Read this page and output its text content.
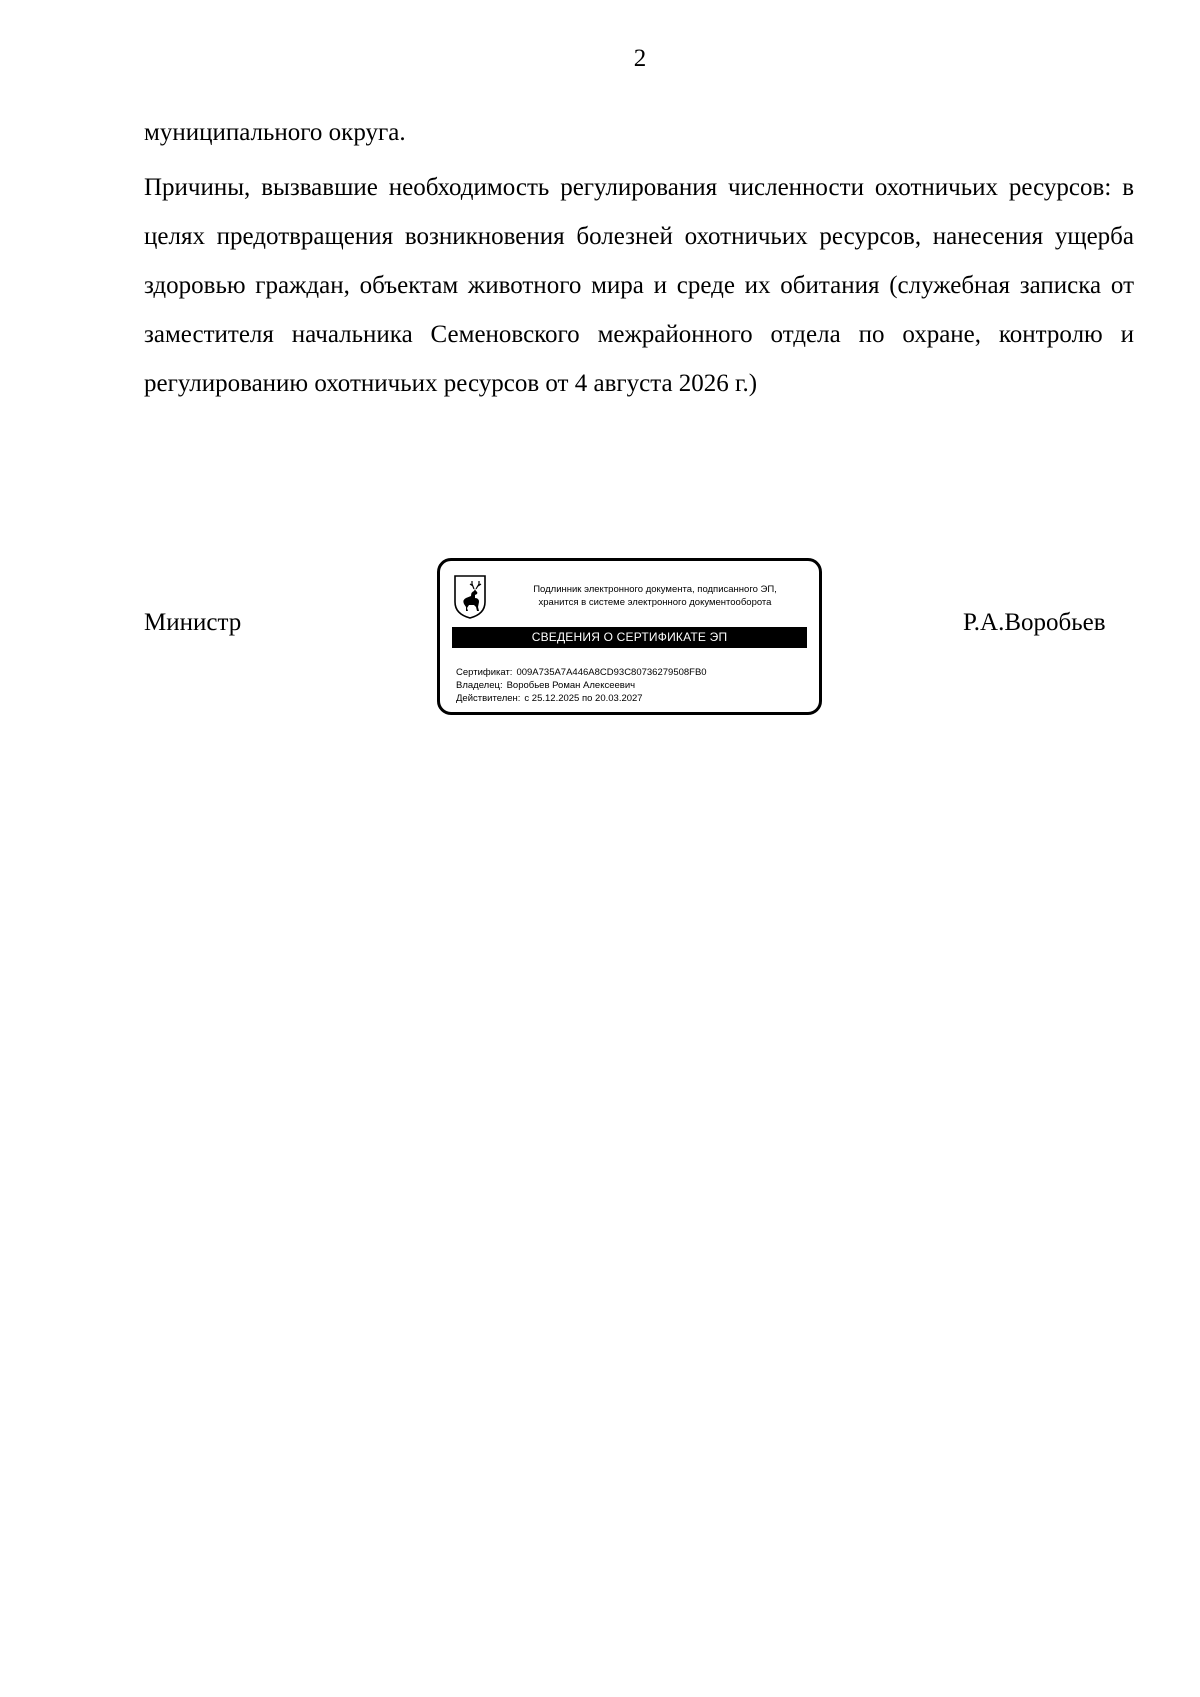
2
муниципального округа.
Причины, вызвавшие необходимость регулирования численности охотничьих ресурсов: в целях предотвращения возникновения болезней охотничьих ресурсов, нанесения ущерба здоровью граждан, объектам животного мира и среде их обитания (служебная записка от заместителя начальника Семеновского межрайонного отдела по охране, контролю и регулированию охотничьих ресурсов от 4 августа 2026 г.)
Министр
Подлинник электронного документа, подписанного ЭП,
хранится в системе электронного документооборота
СВЕДЕНИЯ О СЕРТИФИКАТЕ ЭП
Сертификат: 009A735A7A446A8CD93C80736279508FB0
Владелец: Воробьев Роман Алексеевич
Действителен: с 25.12.2025 по 20.03.2027
Р.А.Воробьев
